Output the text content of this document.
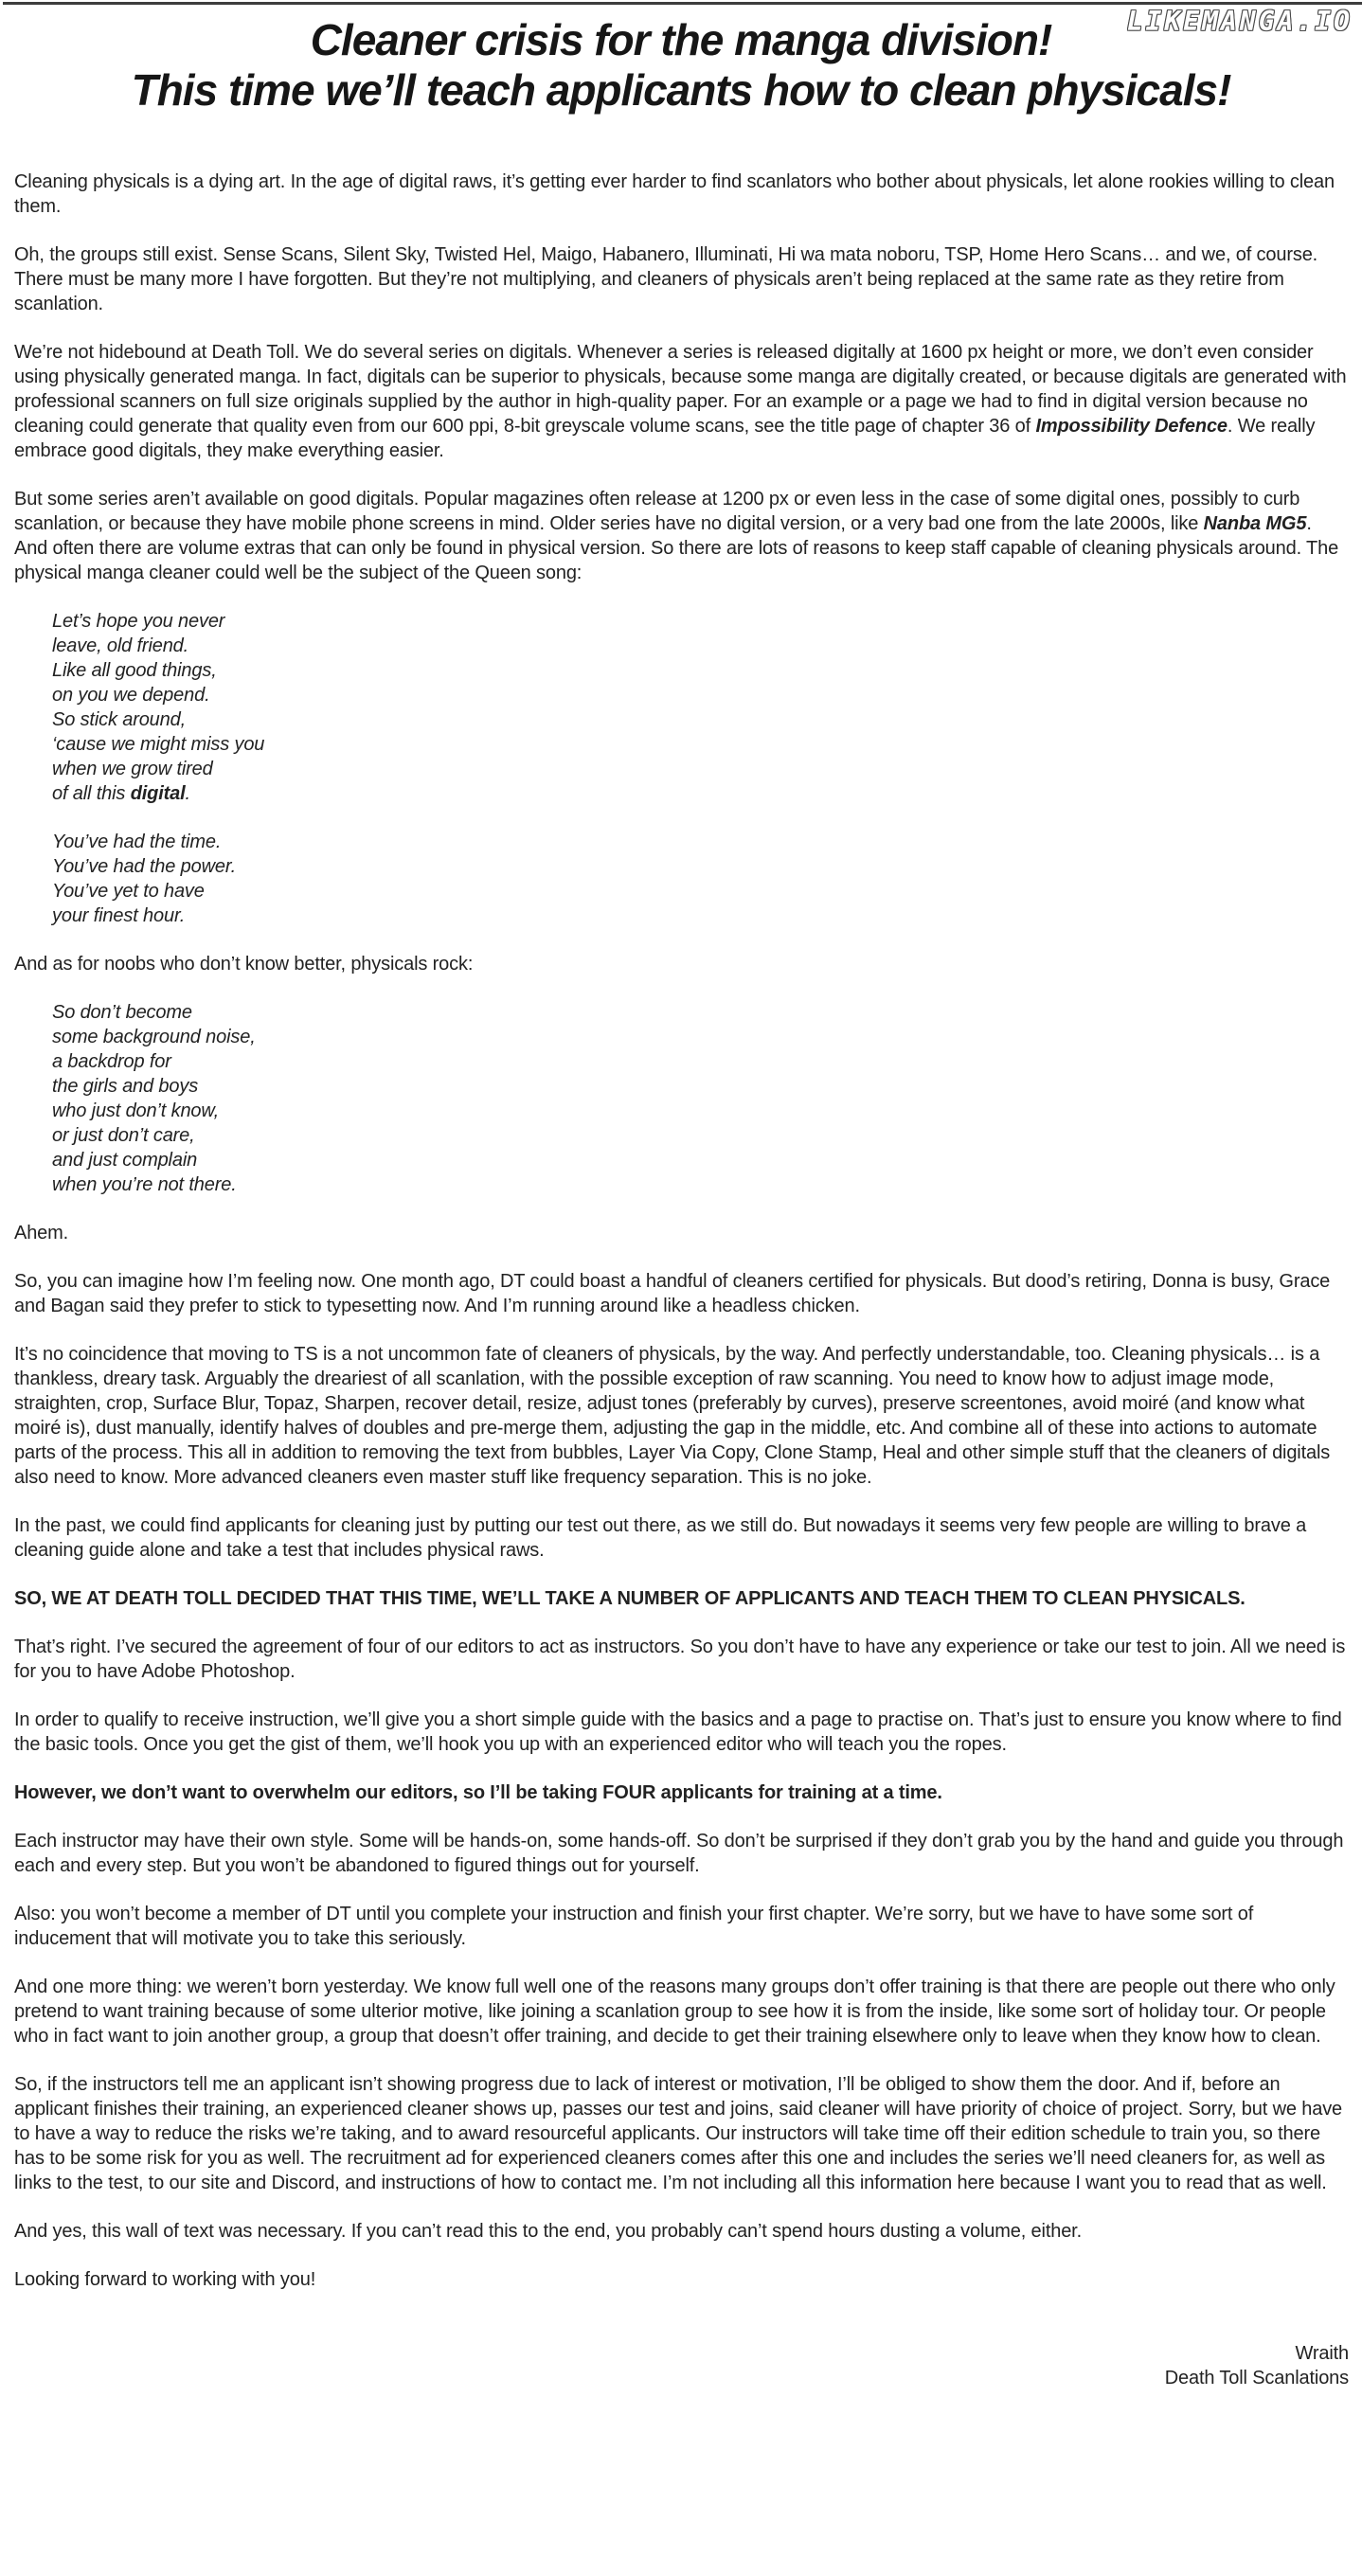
LIKEMANGA.IO
Cleaner crisis for the manga division!
This time we’ll teach applicants how to clean physicals!

Cleaning physicals is a dying art. In the age of digital raws, it’s getting ever harder to find scanlators who bother about physicals, let alone rookies willing to clean them.

Oh, the groups still exist. Sense Scans, Silent Sky, Twisted Hel, Maigo, Habanero, Illuminati, Hi wa mata noboru, TSP, Home Hero Scans… and we, of course. There must be many more I have forgotten. But they’re not multiplying, and cleaners of physicals aren’t being replaced at the same rate as they retire from scanlation.

We’re not hidebound at Death Toll. We do several series on digitals. Whenever a series is released digitally at 1600 px height or more, we don’t even consider using physically generated manga. In fact, digitals can be superior to physicals, because some manga are digitally created, or because digitals are generated with professional scanners on full size originals supplied by the author in high-quality paper. For an example or a page we had to find in digital version because no cleaning could generate that quality even from our 600 ppi, 8-bit greyscale volume scans, see the title page of chapter 36 of Impossibility Defence. We really embrace good digitals, they make everything easier.

But some series aren’t available on good digitals. Popular magazines often release at 1200 px or even less in the case of some digital ones, possibly to curb scanlation, or because they have mobile phone screens in mind. Older series have no digital version, or a very bad one from the late 2000s, like Nanba MG5. And often there are volume extras that can only be found in physical version. So there are lots of reasons to keep staff capable of cleaning physicals around. The physical manga cleaner could well be the subject of the Queen song:

Let’s hope you never
leave, old friend.
Like all good things,
on you we depend.
So stick around,
‘cause we might miss you
when we grow tired
of all this digital.
You’ve had the time.
You’ve had the power.
You’ve yet to have
your finest hour.

And as for noobs who don’t know better, physicals rock:

So don’t become
some background noise,
a backdrop for
the girls and boys
who just don’t know,
or just don’t care,
and just complain
when you’re not there.

Ahem.

So, you can imagine how I’m feeling now. One month ago, DT could boast a handful of cleaners certified for physicals. But dood’s retiring, Donna is busy, Grace and Bagan said they prefer to stick to typesetting now. And I’m running around like a headless chicken.

It’s no coincidence that moving to TS is a not uncommon fate of cleaners of physicals, by the way. And perfectly understandable, too. Cleaning physicals… is a thankless, dreary task. Arguably the dreariest of all scanlation, with the possible exception of raw scanning. You need to know how to adjust image mode, straighten, crop, Surface Blur, Topaz, Sharpen, recover detail, resize, adjust tones (preferably by curves), preserve screentones, avoid moiré (and know what moiré is), dust manually, identify halves of doubles and pre-merge them, adjusting the gap in the middle, etc. And combine all of these into actions to automate parts of the process. This all in addition to removing the text from bubbles, Layer Via Copy, Clone Stamp, Heal and other simple stuff that the cleaners of digitals also need to know. More advanced cleaners even master stuff like frequency separation. This is no joke.

In the past, we could find applicants for cleaning just by putting our test out there, as we still do. But nowadays it seems very few people are willing to brave a cleaning guide alone and take a test that includes physical raws.

SO, WE AT DEATH TOLL DECIDED THAT THIS TIME, WE’LL TAKE A NUMBER OF APPLICANTS AND TEACH THEM TO CLEAN PHYSICALS.

That’s right. I’ve secured the agreement of four of our editors to act as instructors. So you don’t have to have any experience or take our test to join. All we need is for you to have Adobe Photoshop.

In order to qualify to receive instruction, we’ll give you a short simple guide with the basics and a page to practise on. That’s just to ensure you know where to find the basic tools. Once you get the gist of them, we’ll hook you up with an experienced editor who will teach you the ropes.

However, we don’t want to overwhelm our editors, so I’ll be taking FOUR applicants for training at a time.

Each instructor may have their own style. Some will be hands-on, some hands-off. So don’t be surprised if they don’t grab you by the hand and guide you through each and every step. But you won’t be abandoned to figured things out for yourself.

Also: you won’t become a member of DT until you complete your instruction and finish your first chapter. We’re sorry, but we have to have some sort of inducement that will motivate you to take this seriously.

And one more thing: we weren’t born yesterday. We know full well one of the reasons many groups don’t offer training is that there are people out there who only pretend to want training because of some ulterior motive, like joining a scanlation group to see how it is from the inside, like some sort of holiday tour. Or people who in fact want to join another group, a group that doesn’t offer training, and decide to get their training elsewhere only to leave when they know how to clean.

So, if the instructors tell me an applicant isn’t showing progress due to lack of interest or motivation, I’ll be obliged to show them the door. And if, before an applicant finishes their training, an experienced cleaner shows up, passes our test and joins, said cleaner will have priority of choice of project. Sorry, but we have to have a way to reduce the risks we’re taking, and to award resourceful applicants. Our instructors will take time off their edition schedule to train you, so there has to be some risk for you as well. The recruitment ad for experienced cleaners comes after this one and includes the series we’ll need cleaners for, as well as links to the test, to our site and Discord, and instructions of how to contact me. I’m not including all this information here because I want you to read that as well.

And yes, this wall of text was necessary. If you can’t read this to the end, you probably can’t spend hours dusting a volume, either.

Looking forward to working with you!

Wraith
Death Toll Scanlations
